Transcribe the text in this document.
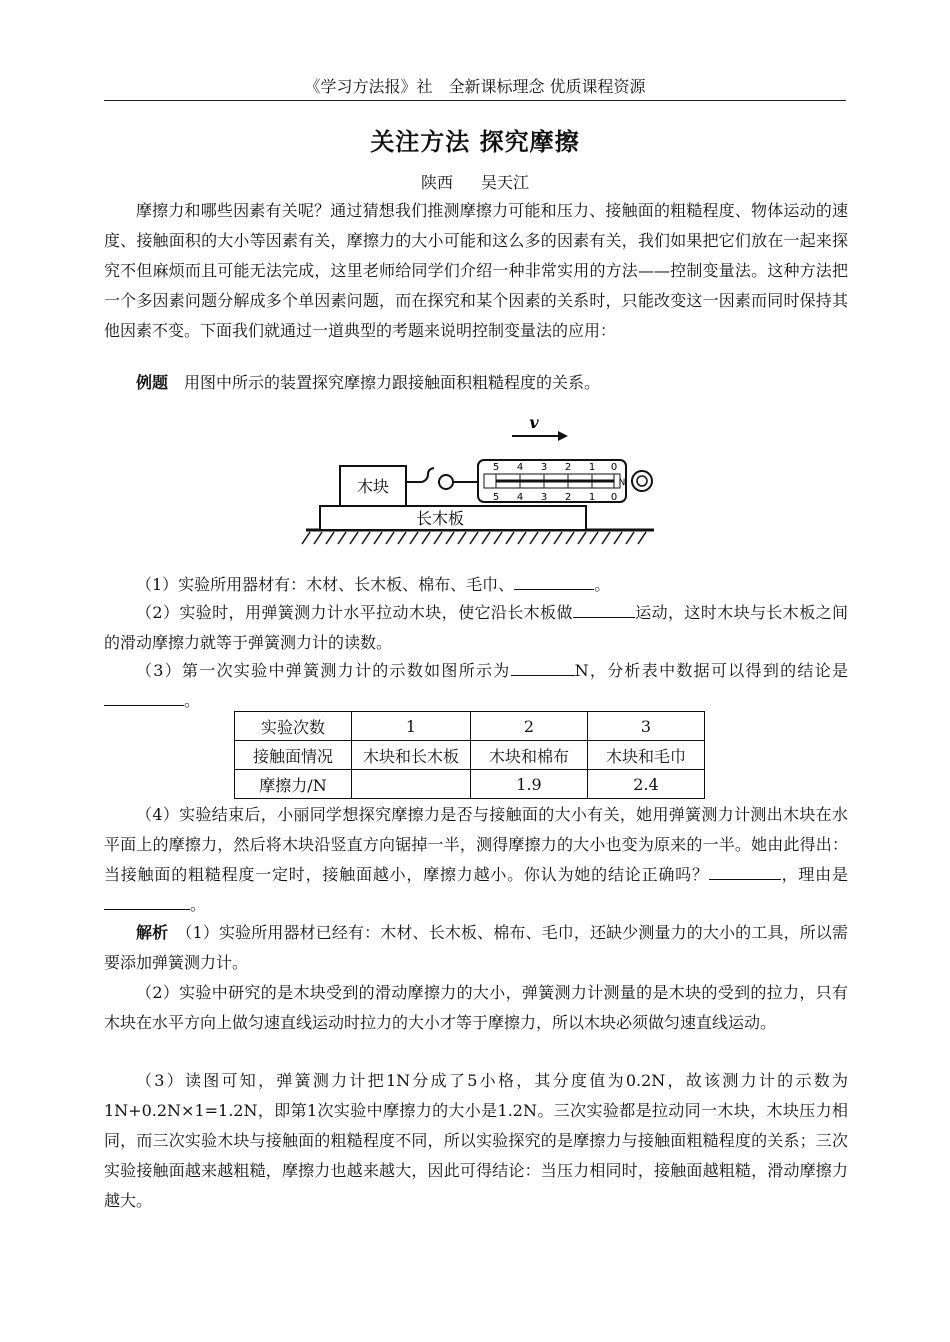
《学习方法报》社　全新课标理念 优质课程资源
关注方法 探究摩擦
陕西 吴天江

摩擦力和哪些因素有关呢？通过猜想我们推测摩擦力可能和压力、接触面的粗糙程度、物体运动的速度、接触面积的大小等因素有关，摩擦力的大小可能和这么多的因素有关，我们如果把它们放在一起来探究不但麻烦而且可能无法完成，这里老师给同学们介绍一种非常实用的方法——控制变量法。这种方法把一个多因素问题分解成多个单因素问题，而在探究和某个因素的关系时，只能改变这一因素而同时保持其他因素不变。下面我们就通过一道典型的考题来说明控制变量法的应用：

例题　 用图中所示的装置探究摩擦力跟接触面积粗糙程度的关系。

长木板
木块
5 4 3 2 1 0
5 4 3 2 1 0
N
v

（1）实验所用器材有：木材、长木板、棉布、毛巾、	。

（2）实验时，用弹簧测力计水平拉动木块，使它沿长木板做	运动，这时木块与长木板之间的滑动摩擦力就等于弹簧测力计的读数。

（3）第一次实验中弹簧测力计的示数如图所示为	N，分析表中数据可以得到的结论是。

实验次数	1	2	3
接触面情况	木块和长木板	木块和棉布	木块和毛巾
摩擦力/N		1.9	2.4

（4）实验结束后，小丽同学想探究摩擦力是否与接触面的大小有关，她用弹簧测力计测出木块在水平面上的摩擦力，然后将木块沿竖直方向锯掉一半，测得摩擦力的大小也变为原来的一半。她由此得出：当接触面的粗糙程度一定时，接触面越小，摩擦力越小。你认为她的结论正确吗？	，理由是。

解析　 （1）实验所用器材已经有：木材、长木板、棉布、毛巾，还缺少测量力的大小的工具，所以需要添加弹簧测力计。

（2）实验中研究的是木块受到的滑动摩擦力的大小，弹簧测力计测量的是木块的受到的拉力，只有木块在水平方向上做匀速直线运动时拉力的大小才等于摩擦力，所以木块必须做匀速直线运动。

（3）读图可知，弹簧测力计把1N分成了5小格，其分度值为0.2N，故该测力计的示数为1N+0.2N×1=1.2N，即第1次实验中摩擦力的大小是1.2N。三次实验都是拉动同一木块，木块压力相同，而三次实验木块与接触面的粗糙程度不同，所以实验探究的是摩擦力与接触面粗糙程度的关系；三次实验接触面越来越粗糙，摩擦力也越来越大，因此可得结论：当压力相同时，接触面越粗糙，滑动摩擦力越大。
